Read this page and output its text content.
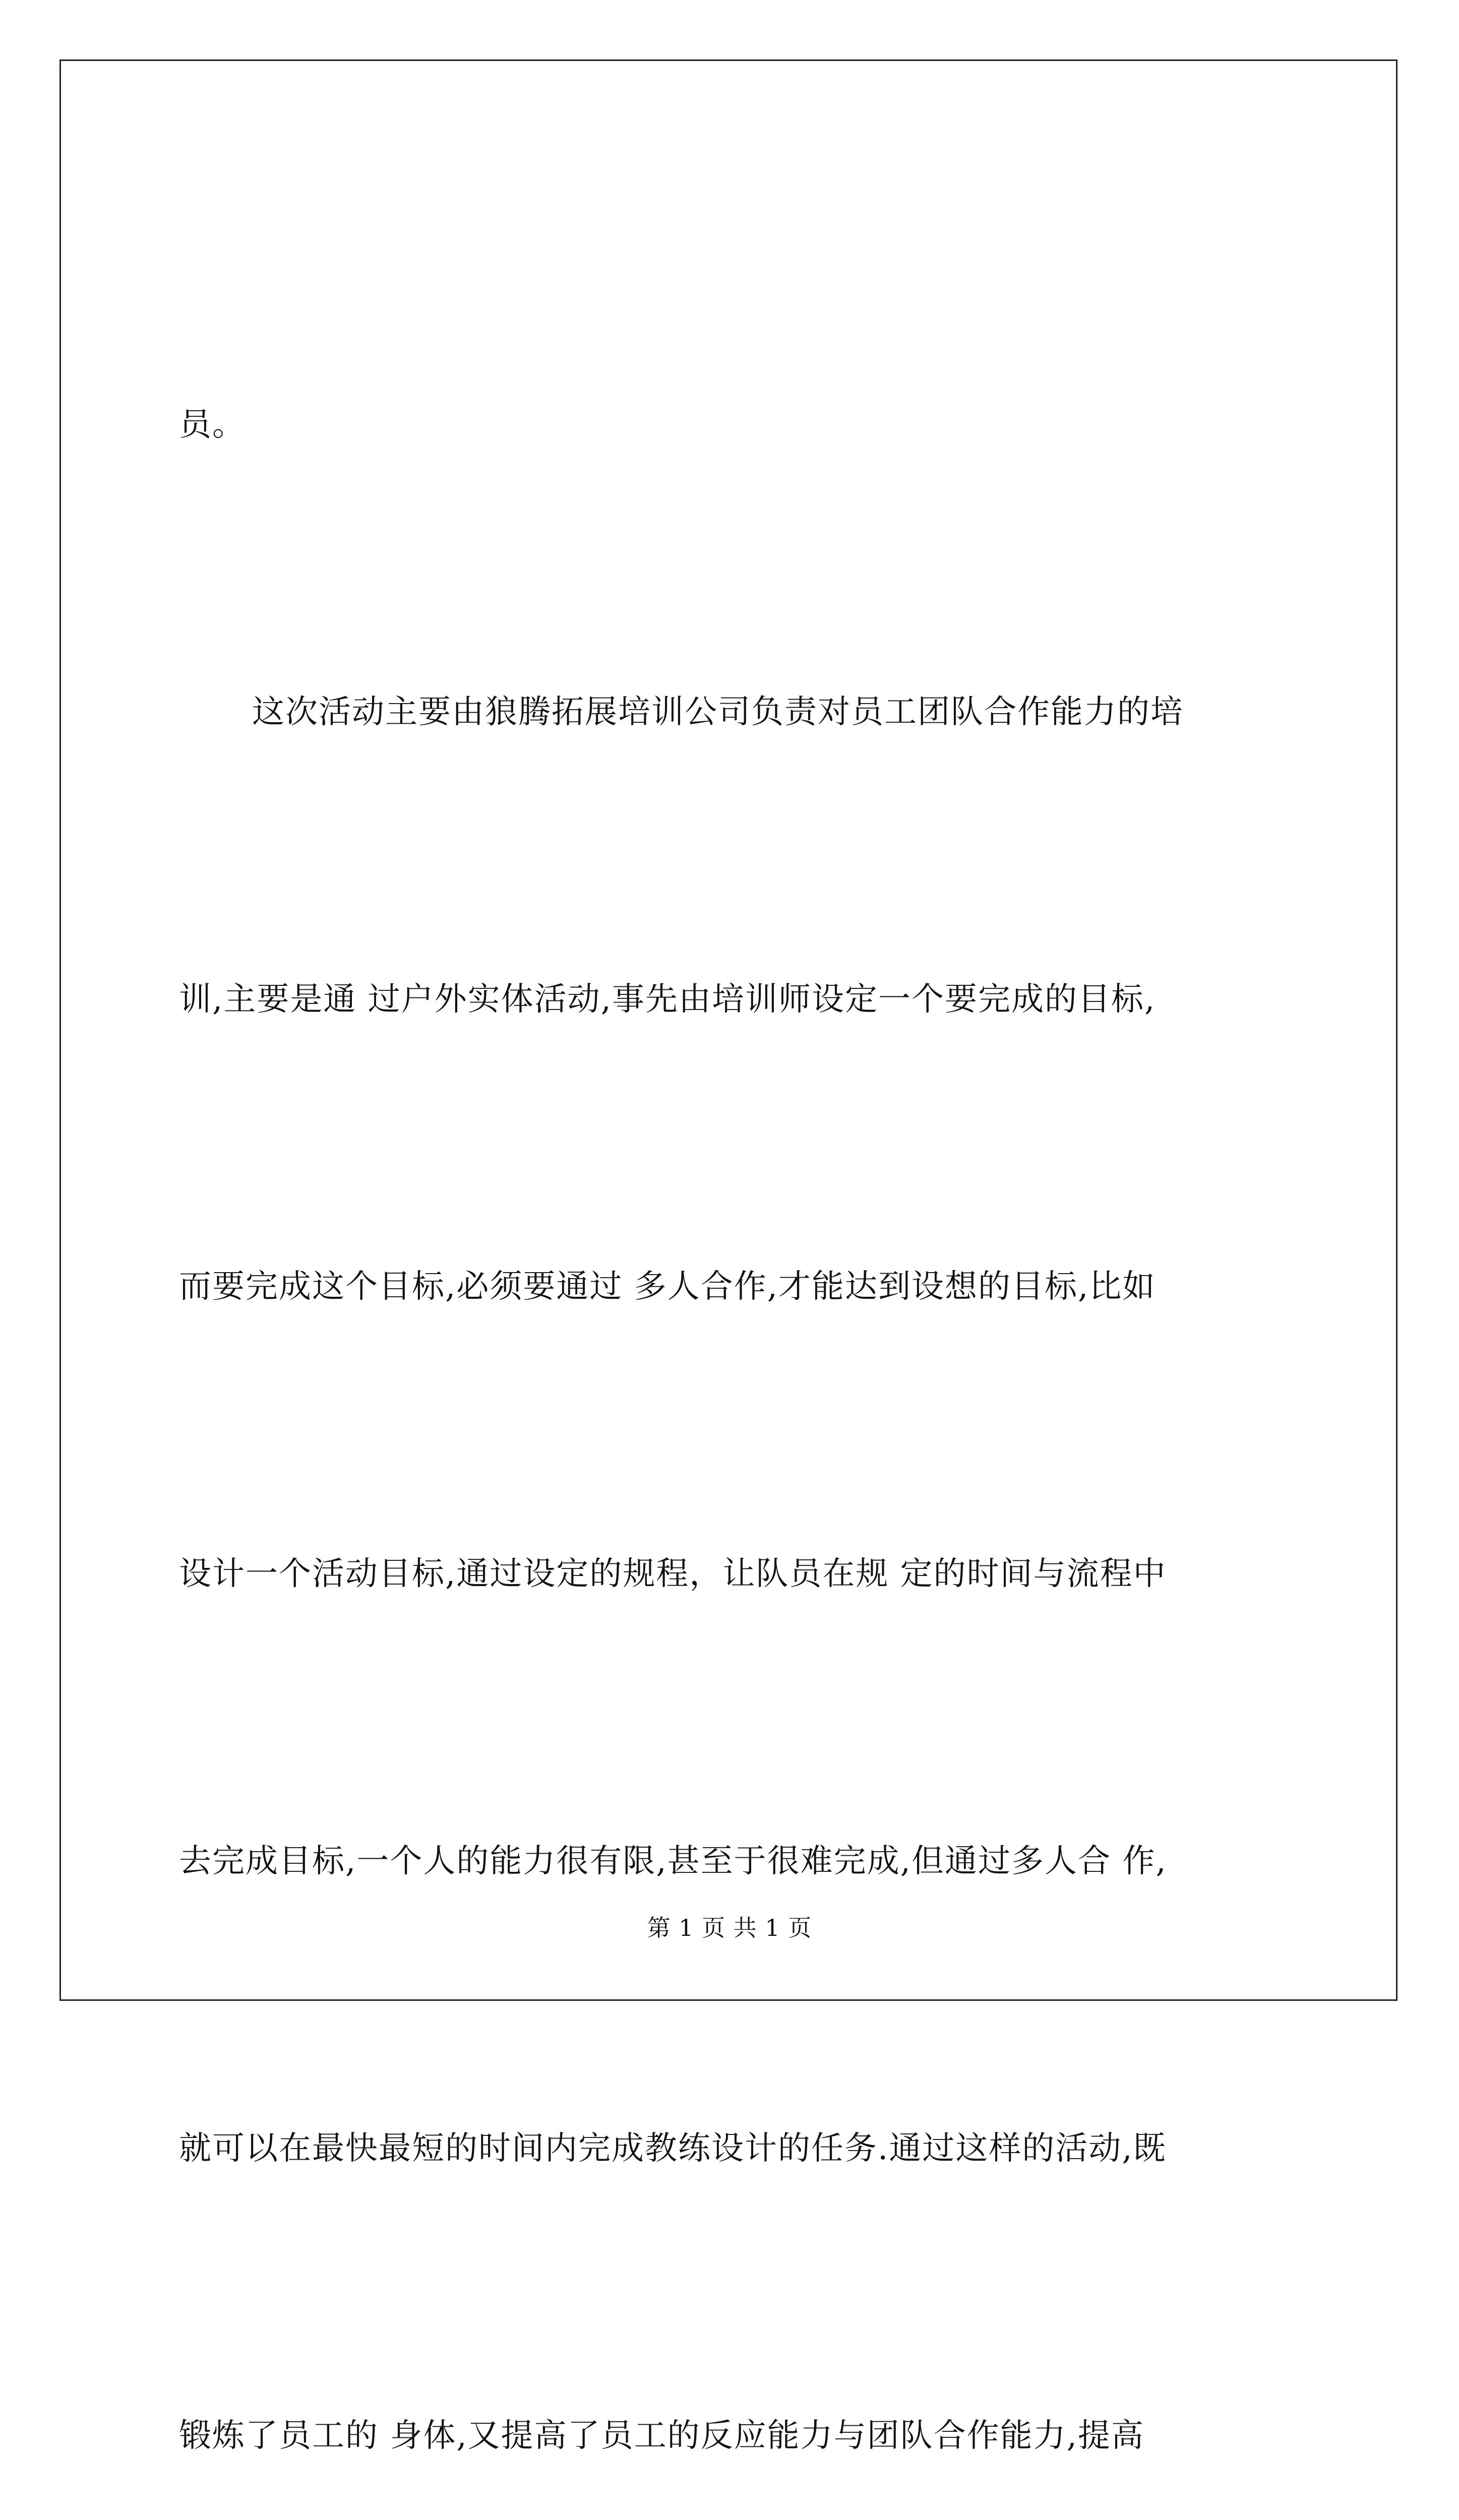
员。

这次活动主要由狼腾拓展培训公司负责对员工团队合作能力的培

训,主要是通 过户外实体活动,事先由培训师设定一个要完成的目标,

而要完成这个目标,必须要通过 多人合作,才能达到设想的目标,比如

设计一个活动目标,通过设定的规程，让队员在规 定的时间与流程中

去完成目标,一个人的能力很有限,甚至于很难完成,但通过多人合 作,

就可以在最快最短的时间内完成教练设计的任务.通过这样的活动,既

锻炼了员工的 身体,又提高了员工的反应能力与团队合作能力,提高

第 1 页 共 1 页
